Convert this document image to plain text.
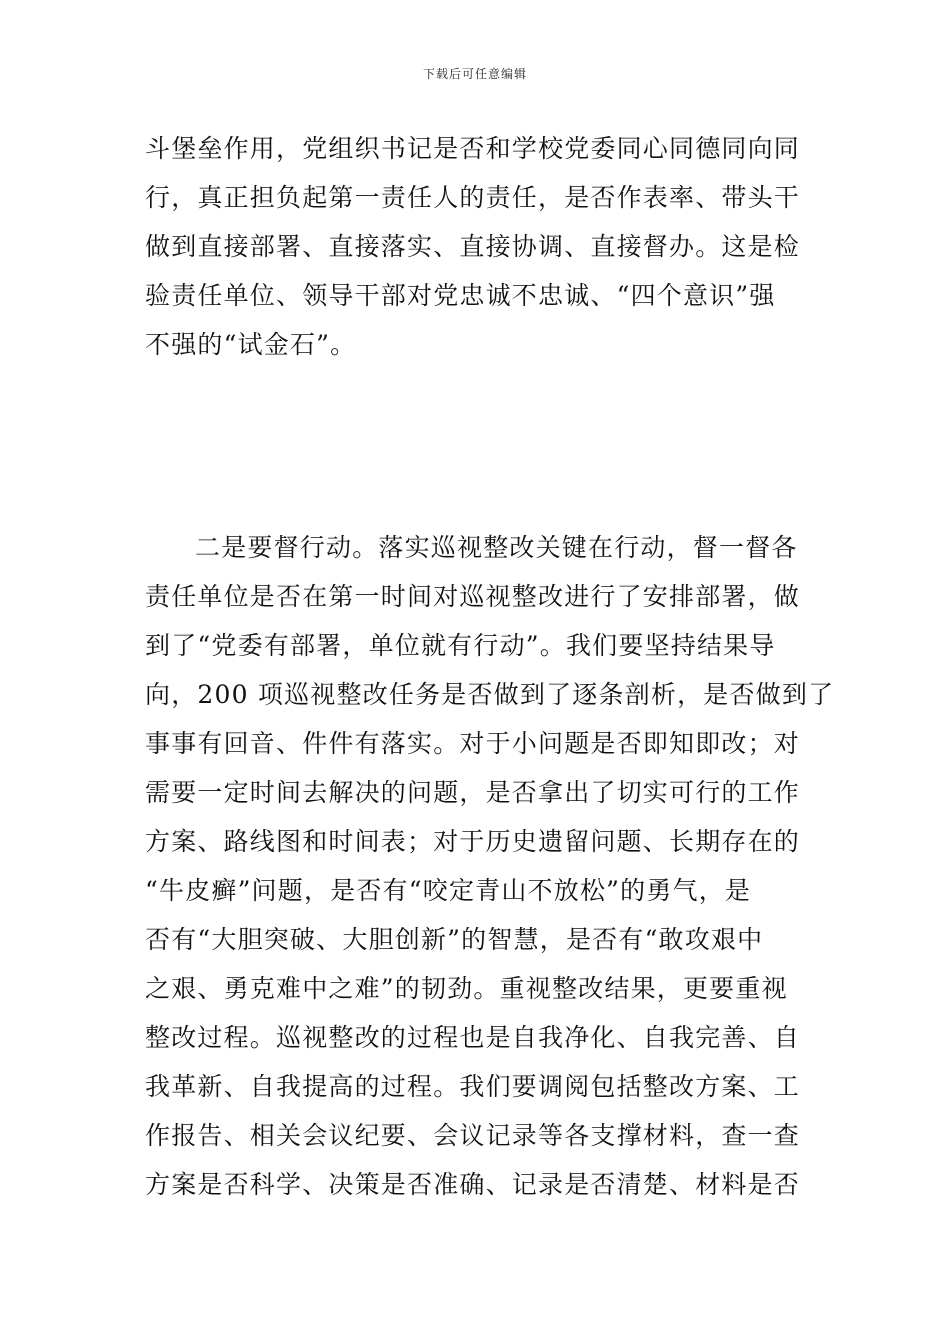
下载后可任意编辑
斗堡垒作用，党组织书记是否和学校党委同心同德同向同
行，真正担负起第一责任人的责任，是否作表率、带头干
做到直接部署、直接落实、直接协调、直接督办。这是检
验责任单位、领导干部对党忠诚不忠诚、“四个意识”强
不强的“试金石”。
二是要督行动。落实巡视整改关键在行动，督一督各
责任单位是否在第一时间对巡视整改进行了安排部署，做
到了“党委有部署，单位就有行动”。我们要坚持结果导
向，200 项巡视整改任务是否做到了逐条剖析，是否做到了
事事有回音、件件有落实。对于小问题是否即知即改；对
需要一定时间去解决的问题，是否拿出了切实可行的工作
方案、路线图和时间表；对于历史遗留问题、长期存在的
“牛皮癣”问题，是否有“咬定青山不放松”的勇气，是
否有“大胆突破、大胆创新”的智慧，是否有“敢攻艰中
之艰、勇克难中之难”的韧劲。重视整改结果，更要重视
整改过程。巡视整改的过程也是自我净化、自我完善、自
我革新、自我提高的过程。我们要调阅包括整改方案、工
作报告、相关会议纪要、会议记录等各支撑材料，查一查
方案是否科学、决策是否准确、记录是否清楚、材料是否
